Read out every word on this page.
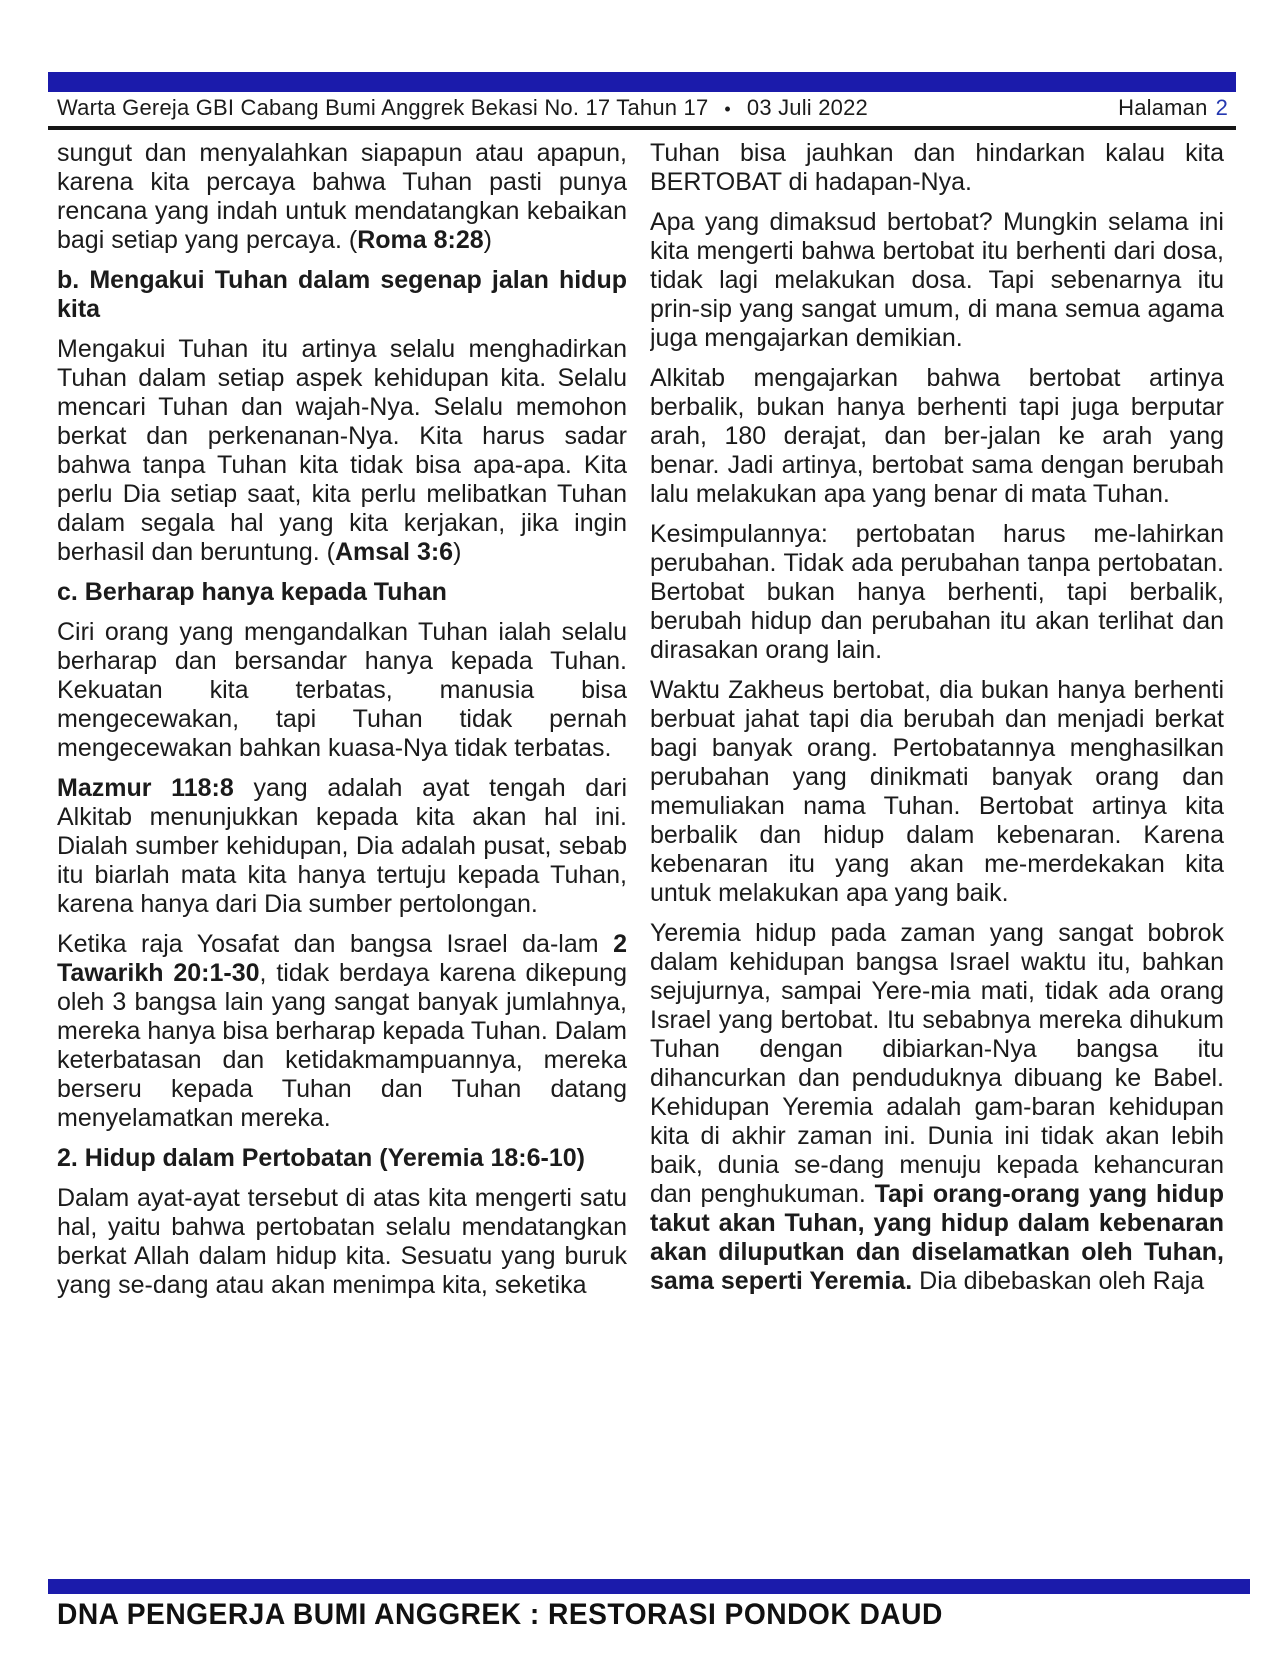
Warta Gereja GBI Cabang Bumi Anggrek Bekasi No. 17 Tahun 17 • 03 Juli 2022	Halaman 2

sungut dan menyalahkan siapapun atau apapun, karena kita percaya bahwa Tuhan pasti punya rencana yang indah untuk mendatangkan kebaikan bagi setiap yang percaya. (Roma 8:28)

b. Mengakui Tuhan dalam segenap jalan hidup kita

Mengakui Tuhan itu artinya selalu menghadirkan Tuhan dalam setiap aspek kehidupan kita. Selalu mencari Tuhan dan wajah-Nya. Selalu memohon berkat dan perkenanan-Nya. Kita harus sadar bahwa tanpa Tuhan kita tidak bisa apa-apa. Kita perlu Dia setiap saat, kita perlu melibatkan Tuhan dalam segala hal yang kita kerjakan, jika ingin berhasil dan beruntung. (Amsal 3:6)

c. Berharap hanya kepada Tuhan

Ciri orang yang mengandalkan Tuhan ialah selalu berharap dan bersandar hanya kepada Tuhan. Kekuatan kita terbatas, manusia bisa mengecewakan, tapi Tuhan tidak pernah mengecewakan bahkan kuasa-Nya tidak terbatas.

Mazmur 118:8 yang adalah ayat tengah dari Alkitab menunjukkan kepada kita akan hal ini. Dialah sumber kehidupan, Dia adalah pusat, sebab itu biarlah mata kita hanya tertuju kepada Tuhan, karena hanya dari Dia sumber pertolongan.

Ketika raja Yosafat dan bangsa Israel da-lam 2 Tawarikh 20:1-30, tidak berdaya karena dikepung oleh 3 bangsa lain yang sangat banyak jumlahnya, mereka hanya bisa berharap kepada Tuhan. Dalam keterbatasan dan ketidakmampuannya, mereka berseru kepada Tuhan dan Tuhan datang menyelamatkan mereka.

2. Hidup dalam Pertobatan (Yeremia 18:6-10)

Dalam ayat-ayat tersebut di atas kita mengerti satu hal, yaitu bahwa pertobatan selalu mendatangkan berkat Allah dalam hidup kita. Sesuatu yang buruk yang se-dang atau akan menimpa kita, seketika

Tuhan bisa jauhkan dan hindarkan kalau kita BERTOBAT di hadapan-Nya.

Apa yang dimaksud bertobat? Mungkin selama ini kita mengerti bahwa bertobat itu berhenti dari dosa, tidak lagi melakukan dosa. Tapi sebenarnya itu prin-sip yang sangat umum, di mana semua agama juga mengajarkan demikian.

Alkitab mengajarkan bahwa bertobat artinya berbalik, bukan hanya berhenti tapi juga berputar arah, 180 derajat, dan ber-jalan ke arah yang benar. Jadi artinya, bertobat sama dengan berubah lalu melakukan apa yang benar di mata Tuhan.

Kesimpulannya: pertobatan harus me-lahirkan perubahan. Tidak ada perubahan tanpa pertobatan. Bertobat bukan hanya berhenti, tapi berbalik, berubah hidup dan perubahan itu akan terlihat dan dirasakan orang lain.

Waktu Zakheus bertobat, dia bukan hanya berhenti berbuat jahat tapi dia berubah dan menjadi berkat bagi banyak orang. Pertobatannya menghasilkan perubahan yang dinikmati banyak orang dan memuliakan nama Tuhan. Bertobat artinya kita berbalik dan hidup dalam kebenaran. Karena kebenaran itu yang akan me-merdekakan kita untuk melakukan apa yang baik.

Yeremia hidup pada zaman yang sangat bobrok dalam kehidupan bangsa Israel waktu itu, bahkan sejujurnya, sampai Yere-mia mati, tidak ada orang Israel yang bertobat. Itu sebabnya mereka dihukum Tuhan dengan dibiarkan-Nya bangsa itu dihancurkan dan penduduknya dibuang ke Babel. Kehidupan Yeremia adalah gam-baran kehidupan kita di akhir zaman ini. Dunia ini tidak akan lebih baik, dunia se-dang menuju kepada kehancuran dan penghukuman. Tapi orang-orang yang hidup takut akan Tuhan, yang hidup dalam kebenaran akan diluputkan dan diselamatkan oleh Tuhan, sama seperti Yeremia. Dia dibebaskan oleh Raja

DNA PENGERJA BUMI ANGGREK : RESTORASI PONDOK DAUD
